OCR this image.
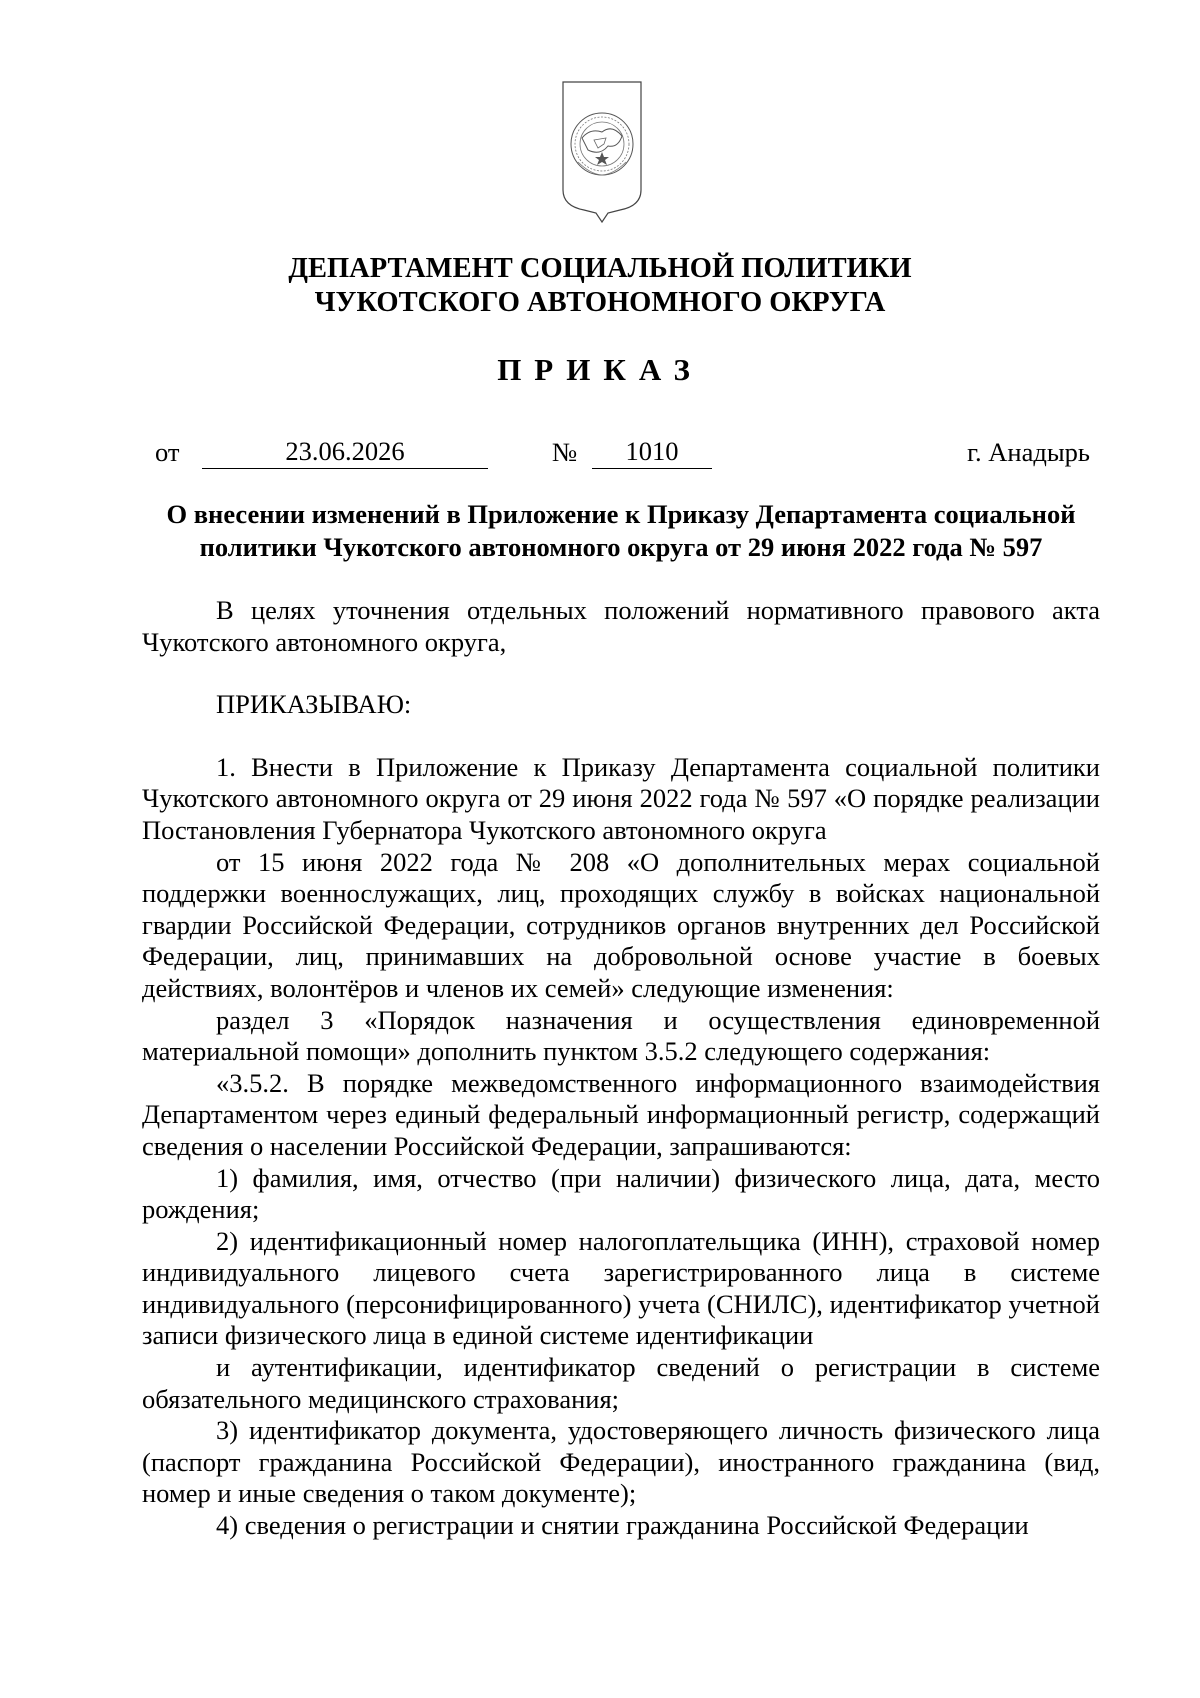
ДЕПАРТАМЕНТ СОЦИАЛЬНОЙ ПОЛИТИКИ
ЧУКОТСКОГО АВТОНОМНОГО ОКРУГА
ПРИКАЗ
от	23.06.2026	№	1010	г. Анадырь
О внесении изменений в Приложение к Приказу Департамента социальной
политики Чукотского автономного округа от 29 июня 2022 года № 597

В целях уточнения отдельных положений нормативного правового акта Чукотского автономного округа,

ПРИКАЗЫВАЮ:

1. Внести в Приложение к Приказу Департамента социальной политики Чукотского автономного округа от 29 июня 2022 года № 597 «О порядке реализации Постановления Губернатора Чукотского автономного округа

от 15 июня 2022 года № 208 «О дополнительных мерах социальной поддержки военнослужащих, лиц, проходящих службу в войсках национальной гвардии Российской Федерации, сотрудников органов внутренних дел Российской Федерации, лиц, принимавших на добровольной основе участие в боевых действиях, волонтёров и членов их семей» следующие изменения:

раздел 3 «Порядок назначения и осуществления единовременной материальной помощи» дополнить пунктом 3.5.2 следующего содержания:

«3.5.2. В порядке межведомственного информационного взаимодействия Департаментом через единый федеральный информационный регистр, содержащий сведения о населении Российской Федерации, запрашиваются:

1) фамилия, имя, отчество (при наличии) физического лица, дата, место рождения;

2) идентификационный номер налогоплательщика (ИНН), страховой номер индивидуального лицевого счета зарегистрированного лица в системе индивидуального (персонифицированного) учета (СНИЛС), идентификатор учетной записи физического лица в единой системе идентификации

и аутентификации, идентификатор сведений о регистрации в системе обязательного медицинского страхования;

3) идентификатор документа, удостоверяющего личность физического лица (паспорт гражданина Российской Федерации), иностранного гражданина (вид, номер и иные сведения о таком документе);

4) сведения о регистрации и снятии гражданина Российской Федерации
